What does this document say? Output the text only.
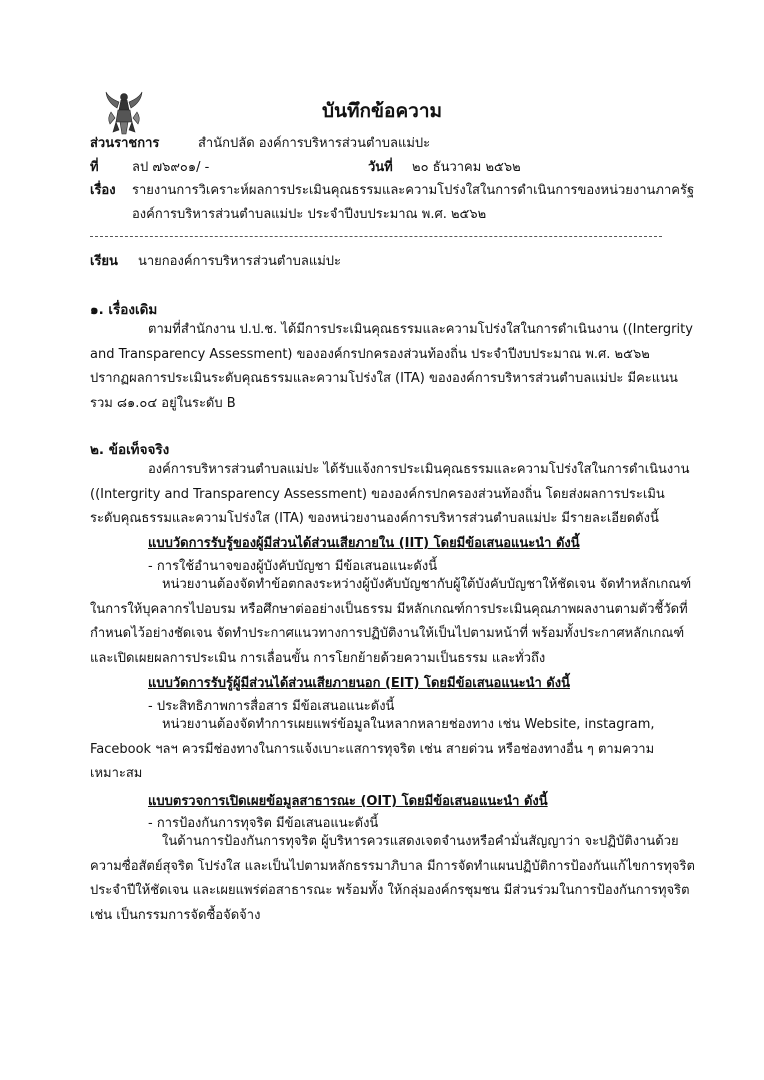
บันทึกข้อความ
ส่วนราชการ	สำนักปลัด องค์การบริหารส่วนตำบลแม่ปะ
ที่	ลป ๗๖๙๐๑/ -	วันที่ ๒๐ ธันวาคม ๒๕๖๒
เรื่อง รายงานการวิเคราะห์ผลการประเมินคุณธรรมและความโปร่งใสในการดำเนินการของหน่วยงานภาครัฐ
องค์การบริหารส่วนตำบลแม่ปะ ประจำปีงบประมาณ พ.ศ. ๒๕๖๒
เรียน นายกองค์การบริหารส่วนตำบลแม่ปะ
๑. เรื่องเดิม
ตามที่สำนักงาน ป.ป.ช. ได้มีการประเมินคุณธรรมและความโปร่งใสในการดำเนินงาน ((Intergrity
and Transparency Assessment) ขององค์กรปกครองส่วนท้องถิ่น ประจำปีงบประมาณ พ.ศ. ๒๕๖๒
ปรากฏผลการประเมินระดับคุณธรรมและความโปร่งใส (ITA) ขององค์การบริหารส่วนตำบลแม่ปะ มีคะแนน
รวม ๘๑.๐๔ อยู่ในระดับ B
๒. ข้อเท็จจริง
องค์การบริหารส่วนตำบลแม่ปะ ได้รับแจ้งการประเมินคุณธรรมและความโปร่งใสในการดำเนินงาน
((Intergrity and Transparency Assessment) ขององค์กรปกครองส่วนท้องถิ่น โดยส่งผลการประเมิน
ระดับคุณธรรมและความโปร่งใส (ITA) ของหน่วยงานองค์การบริหารส่วนตำบลแม่ปะ มีรายละเอียดดังนี้
แบบวัดการรับรู้ของผู้มีส่วนได้ส่วนเสียภายใน (IIT) โดยมีข้อเสนอแนะนำ ดังนี้
- การใช้อำนาจของผู้บังคับบัญชา มีข้อเสนอแนะดังนี้
หน่วยงานต้องจัดทำข้อตกลงระหว่างผู้บังคับบัญชากับผู้ใต้บังคับบัญชาให้ชัดเจน จัดทำหลักเกณฑ์
ในการให้บุคลากรไปอบรม หรือศึกษาต่ออย่างเป็นธรรม มีหลักเกณฑ์การประเมินคุณภาพผลงานตามตัวชี้วัดที่
กำหนดไว้อย่างชัดเจน จัดทำประกาศแนวทางการปฏิบัติงานให้เป็นไปตามหน้าที่ พร้อมทั้งประกาศหลักเกณฑ์
และเปิดเผยผลการประเมิน การเลื่อนขั้น การโยกย้ายด้วยความเป็นธรรม และทั่วถึง
แบบวัดการรับรู้ผู้มีส่วนได้ส่วนเสียภายนอก (EIT) โดยมีข้อเสนอแนะนำ ดังนี้
- ประสิทธิภาพการสื่อสาร มีข้อเสนอแนะดังนี้
หน่วยงานต้องจัดทำการเผยแพร่ข้อมูลในหลากหลายช่องทาง เช่น Website, instagram,
Facebook ฯลฯ ควรมีช่องทางในการแจ้งเบาะแสการทุจริต เช่น สายด่วน หรือช่องทางอื่น ๆ ตามความ
เหมาะสม
แบบตรวจการเปิดเผยข้อมูลสาธารณะ (OIT) โดยมีข้อเสนอแนะนำ ดังนี้
- การป้องกันการทุจริต มีข้อเสนอแนะดังนี้
ในด้านการป้องกันการทุจริต ผู้บริหารควรแสดงเจตจำนงหรือคำมั่นสัญญาว่า จะปฏิบัติงานด้วย
ความซื่อสัตย์สุจริต โปร่งใส และเป็นไปตามหลักธรรมาภิบาล มีการจัดทำแผนปฏิบัติการป้องกันแก้ไขการทุจริต
ประจำปีให้ชัดเจน และเผยแพร่ต่อสาธารณะ พร้อมทั้ง ให้กลุ่มองค์กรชุมชน มีส่วนร่วมในการป้องกันการทุจริต
เช่น เป็นกรรมการจัดซื้อจัดจ้าง
